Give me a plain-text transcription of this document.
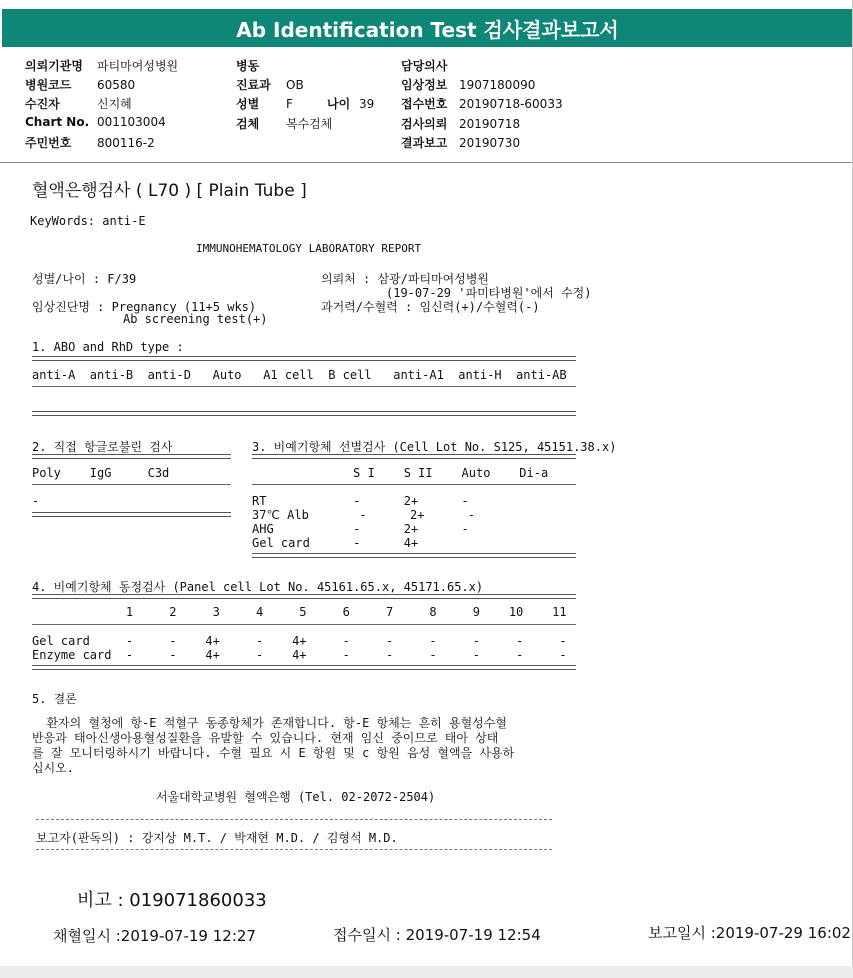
Ab Identification Test 검사결과보고서
의뢰기관명 파티마여성병원
병원코드 60580
수진자	신지혜
Chart No. 001103004
주민번호 800116-2
병동
진료과 OB
성별 F	나이 39
검체 복수검체
담당의사
임상정보 1907180090
접수번호 20190718-60033
검사의뢰 20190718
결과보고 20190730
혈액은행검사 ( L70 ) [ Plain Tube ]
KeyWords: anti-E
IMMUNOHEMATOLOGY LABORATORY REPORT
성별/나이 : F/39	의뢰처 : 삼광/파티마여성병원
(19-07-29 '파미타병원'에서 수정)
임상진단명 : Pregnancy (11+5 wks)
Ab screening test(+)
과거력/수혈력 : 임신력(+)/수혈력(-)
1. ABO and RhD type :
anti-A  anti-B  anti-D   Auto   A1 cell  B cell   anti-A1  anti-H  anti-AB
2. 직접 항글로불린 검사
Poly    IgG     C3d
-
3. 비예기항체 선별검사 (Cell Lot No. S125, 45151.38.x)
S I    S II    Auto    Di-a
RT            -      2+      -
37℃ Alb       -      2+      -
AHG           -      2+      -
Gel card      -      4+
4. 비예기항체 동정검사 (Panel cell Lot No. 45161.65.x, 45171.65.x)
1     2     3     4     5     6     7     8     9    10    11
Gel card     -     -    4+     -    4+     -     -     -     -     -     -
Enzyme card  -     -    4+     -    4+     -     -     -     -     -     -
5. 결론
환자의 혈청에 항-E 적혈구 동종항체가 존재합니다. 항-E 항체는 흔히 용혈성수혈
반응과 태아신생아용혈성질환을 유발할 수 있습니다. 현재 임신 중이므로 태아 상태
를 잘 모니터링하시기 바랍니다. 수혈 필요 시 E 항원 및 c 항원 음성 혈액을 사용하
십시오.
서울대학교병원 혈액은행 (Tel. 02-2072-2504)
보고자(판독의) : 강지상 M.T. / 박재현 M.D. / 김형석 M.D.
비고 : 019071860033
채혈일시 :2019-07-19 12:27	접수일시 : 2019-07-19 12:54	보고일시 :2019-07-29 16:02
